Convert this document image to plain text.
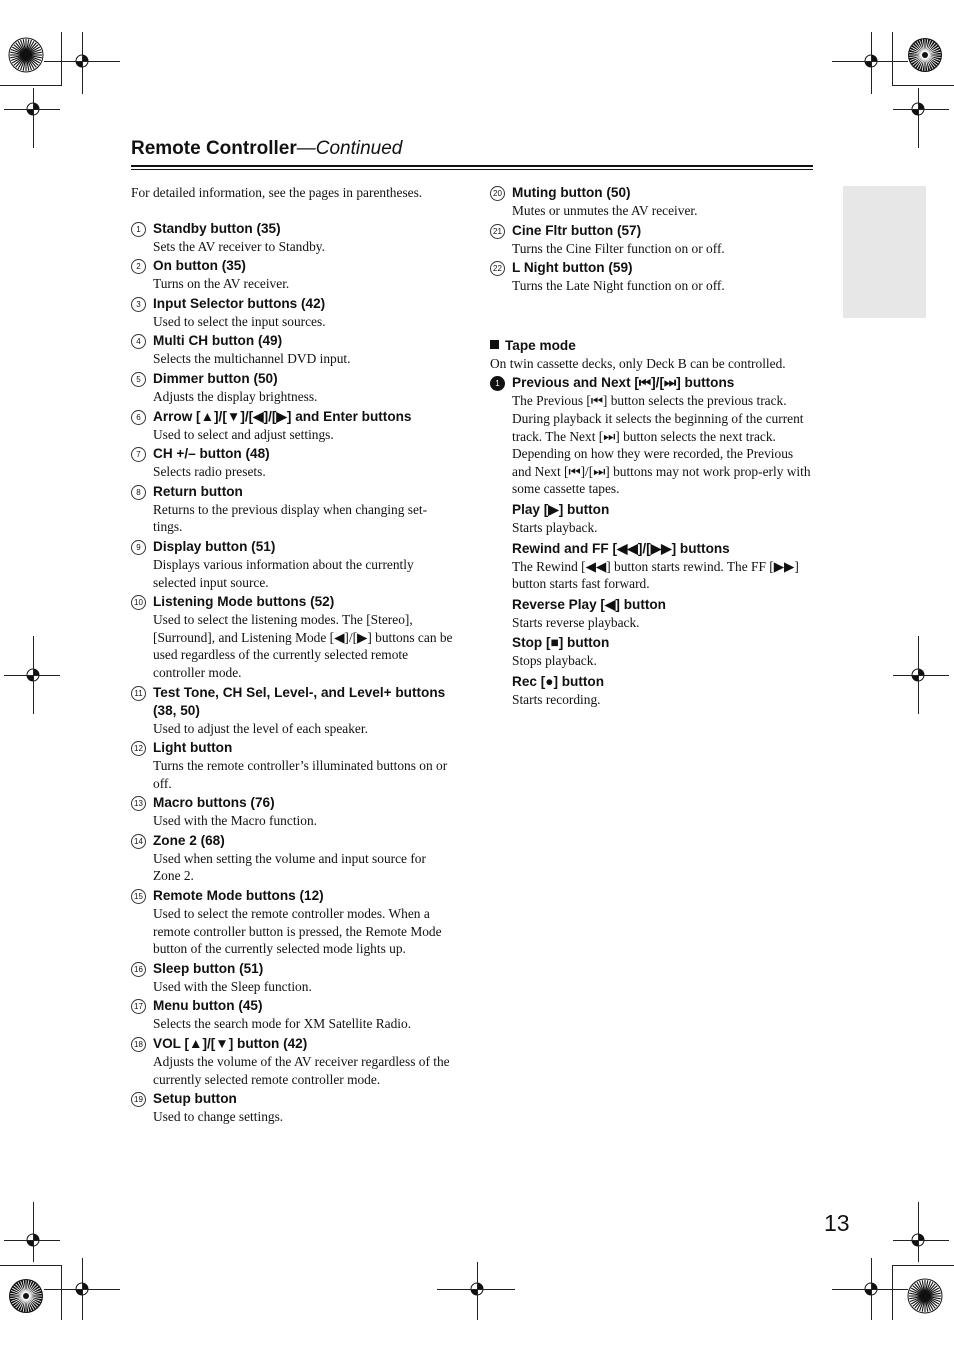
Remote Controller—Continued

For detailed information, see the pages in parentheses.

1 Standby button (35)
Sets the AV receiver to Standby.
2 On button (35)
Turns on the AV receiver.
3 Input Selector buttons (42)
Used to select the input sources.
4 Multi CH button (49)
Selects the multichannel DVD input.
5 Dimmer button (50)
Adjusts the display brightness.
6 Arrow [▲]/[▼]/[◀]/[▶] and Enter buttons
Used to select and adjust settings.
7 CH +/– button (48)
Selects radio presets.
8 Return button
Returns to the previous display when changing set-tings.
9 Display button (51)
Displays various information about the currently selected input source.
10 Listening Mode buttons (52)
Used to select the listening modes. The [Stereo], [Surround], and Listening Mode [◀]/[▶] buttons can be used regardless of the currently selected remote controller mode.
11 Test Tone, CH Sel, Level-, and Level+ buttons (38, 50)
Used to adjust the level of each speaker.
12 Light button
Turns the remote controller’s illuminated buttons on or off.
13 Macro buttons (76)
Used with the Macro function.
14 Zone 2 (68)
Used when setting the volume and input source for Zone 2.
15 Remote Mode buttons (12)
Used to select the remote controller modes. When a remote controller button is pressed, the Remote Mode button of the currently selected mode lights up.
16 Sleep button (51)
Used with the Sleep function.
17 Menu button (45)
Selects the search mode for XM Satellite Radio.
18 VOL [▲]/[▼] button (42)
Adjusts the volume of the AV receiver regardless of the currently selected remote controller mode.
19 Setup button
Used to change settings.
20 Muting button (50)
Mutes or unmutes the AV receiver.
21 Cine Fltr button (57)
Turns the Cine Filter function on or off.
22 L Night button (59)
Turns the Late Night function on or off.
Tape mode
On twin cassette decks, only Deck B can be controlled.
1 Previous and Next [⏮]/[⏭] buttons
The Previous [⏮] button selects the previous track. During playback it selects the beginning of the current track. The Next [⏭] button selects the next track.
Depending on how they were recorded, the Previous and Next [⏮]/[⏭] buttons may not work prop-erly with some cassette tapes.
Play [▶] button
Starts playback.
Rewind and FF [◀◀]/[▶▶] buttons
The Rewind [◀◀] button starts rewind. The FF [▶▶] button starts fast forward.
Reverse Play [◀] button
Starts reverse playback.
Stop [■] button
Stops playback.
Rec [●] button
Starts recording.
13
